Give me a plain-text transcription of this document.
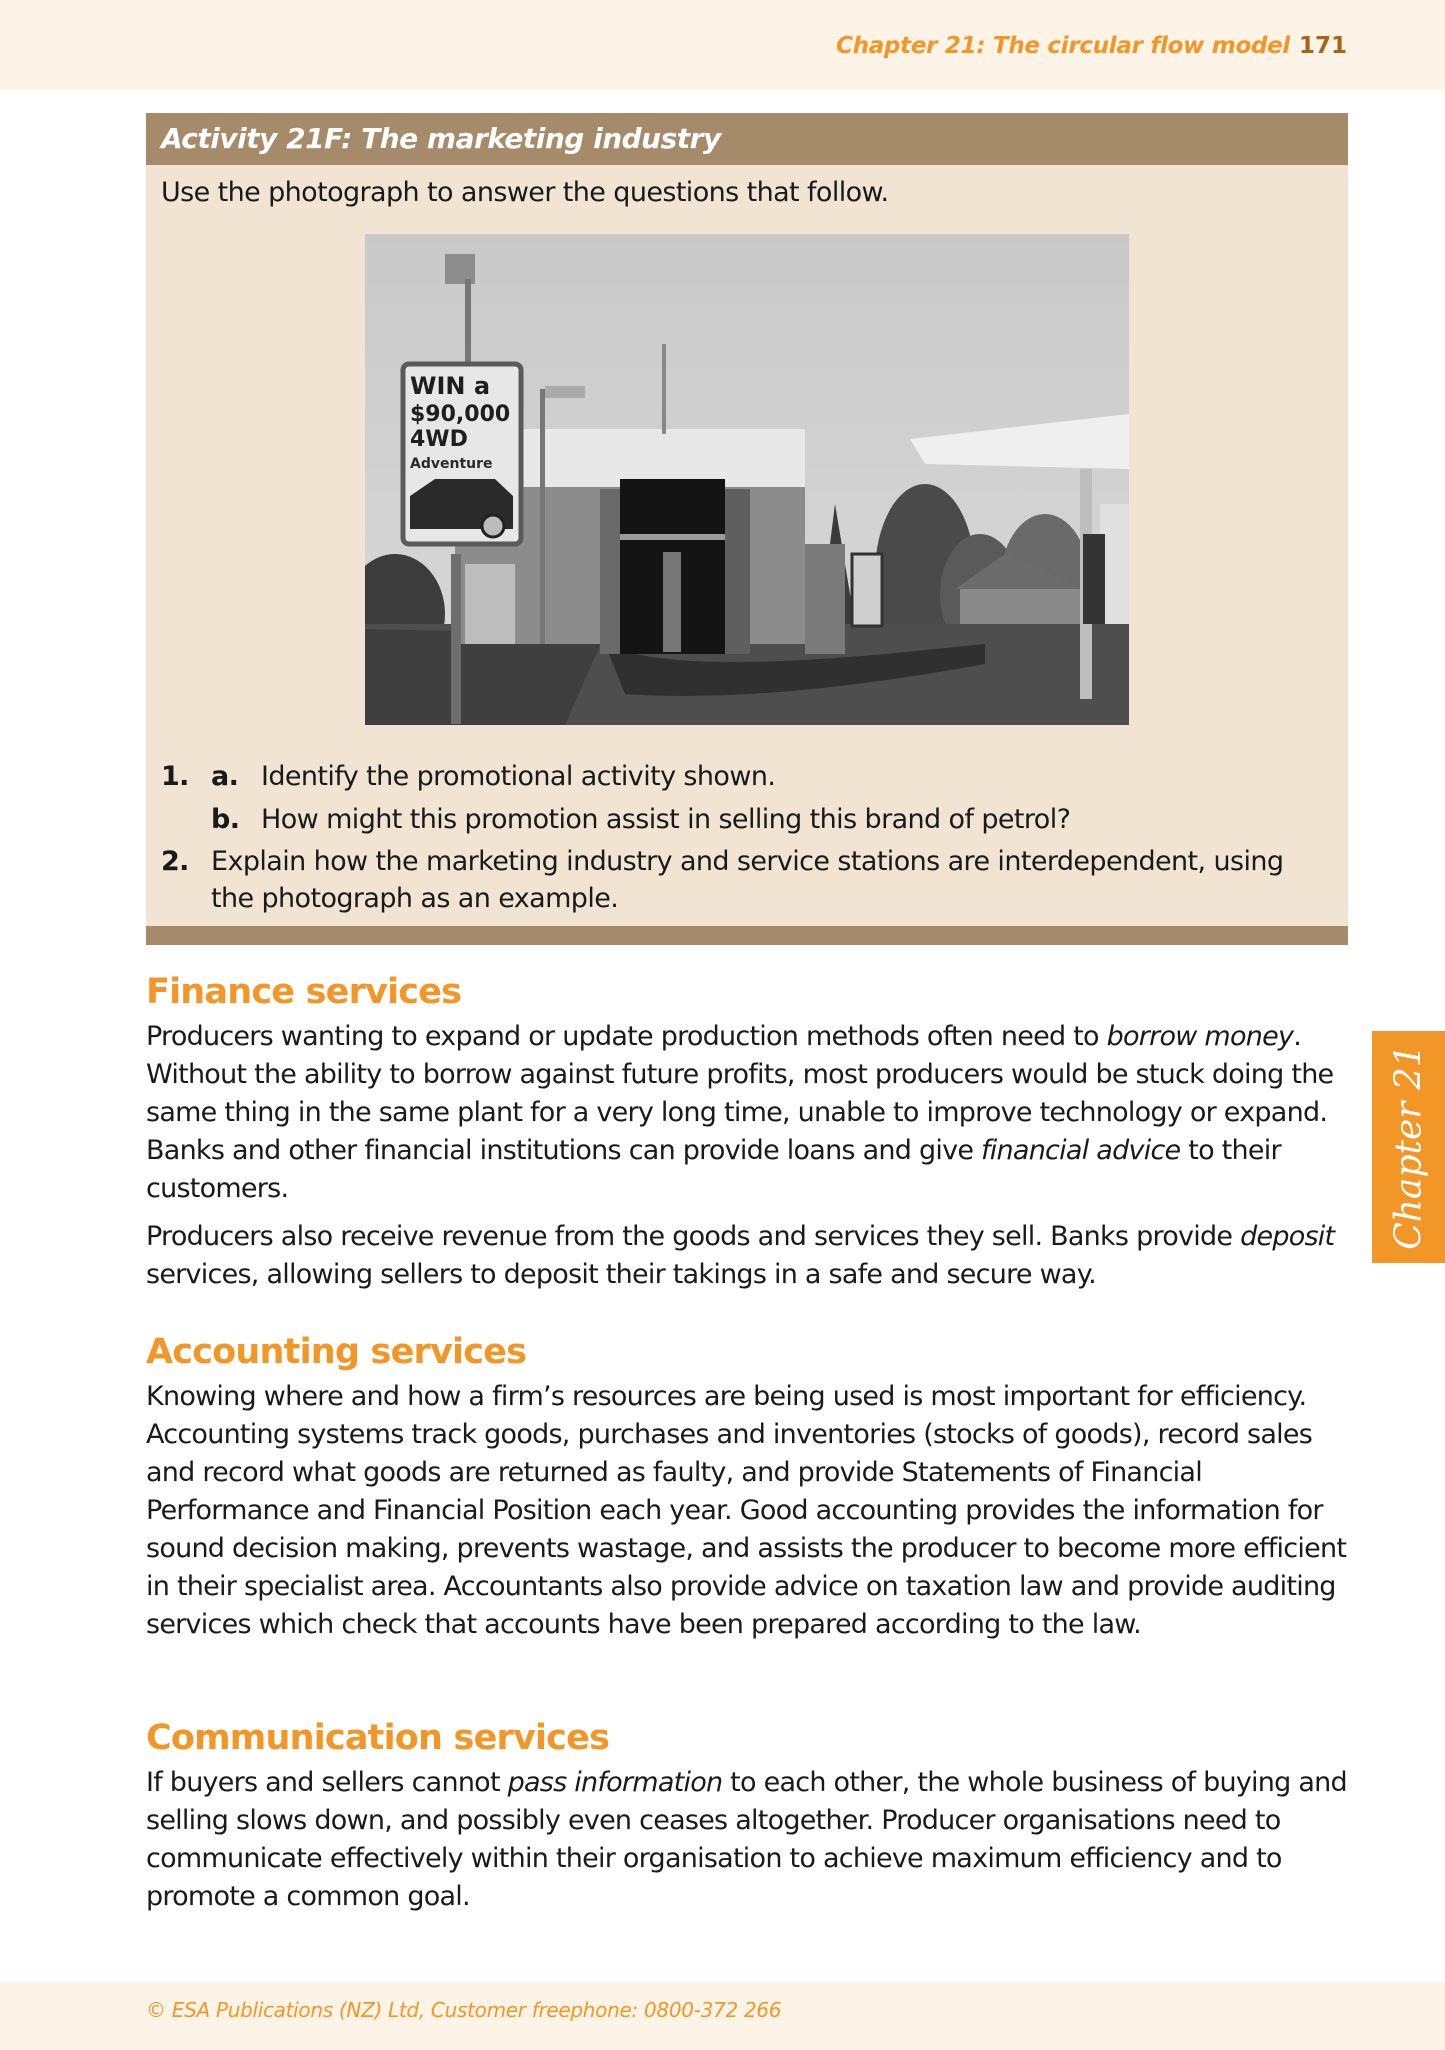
Chapter 21: The circular flow model 171
Activity 21F: The marketing industry
Use the photograph to answer the questions that follow.
WIN a
$90,000
4WD
Adventure
1. a. Identify the promotional activity shown.
b. How might this promotion assist in selling this brand of petrol?
2. Explain how the marketing industry and service stations are interdependent, using the photograph as an example.
Finance services

Producers wanting to expand or update production methods often need to borrow money. Without the ability to borrow against future profits, most producers would be stuck doing the same thing in the same plant for a very long time, unable to improve technology or expand. Banks and other financial institutions can provide loans and give financial advice to their customers.

Producers also receive revenue from the goods and services they sell. Banks provide deposit services, allowing sellers to deposit their takings in a safe and secure way.

Accounting services

Knowing where and how a firm’s resources are being used is most important for efficiency. Accounting systems track goods, purchases and inventories (stocks of goods), record sales and record what goods are returned as faulty, and provide Statements of Financial Performance and Financial Position each year. Good accounting provides the information for sound decision making, prevents wastage, and assists the producer to become more efficient in their specialist area. Accountants also provide advice on taxation law and provide auditing services which check that accounts have been prepared according to the law.

Communication services

If buyers and sellers cannot pass information to each other, the whole business of buying and selling slows down, and possibly even ceases altogether. Producer organisations need to communicate effectively within their organisation to achieve maximum efficiency and to promote a common goal.

Chapter 21
© ESA Publications (NZ) Ltd, Customer freephone: 0800-372 266
